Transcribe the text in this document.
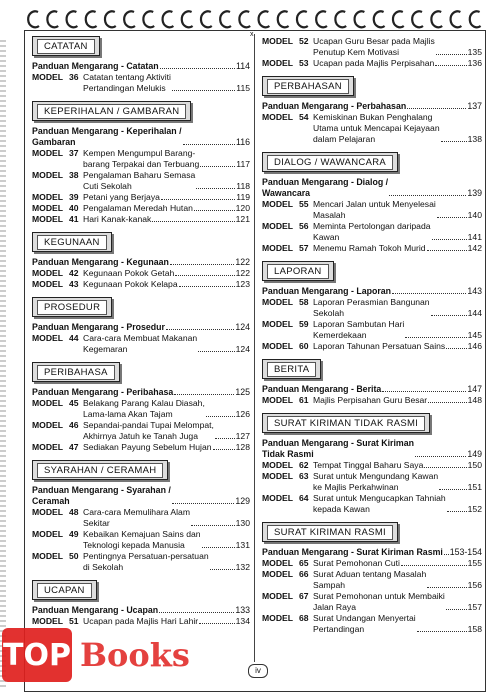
x
CATATAN
Panduan Mengarang - Catatan	114
MODEL 36 Catatan tentang Aktiviti
Pertandingan Melukis	115
KEPERIHALAN / GAMBARAN
Panduan Mengarang - Keperihalan /
Gambaran	116
MODEL 37 Kempen Mengumpul Barang-
barang Terpakai dan Terbuang	117
MODEL 38 Pengalaman Baharu Semasa
Cuti Sekolah	118
MODEL 39 Petani yang Berjaya	119
MODEL 40 Pengalaman Meredah Hutan	120
MODEL 41 Hari Kanak-kanak	121
KEGUNAAN
Panduan Mengarang - Kegunaan	122
MODEL 42 Kegunaan Pokok Getah	122
MODEL 43 Kegunaan Pokok Kelapa	123
PROSEDUR
Panduan Mengarang - Prosedur	124
MODEL 44 Cara-cara Membuat Makanan
Kegemaran	124
PERIBAHASA
Panduan Mengarang - Peribahasa	125
MODEL 45 Belakang Parang Kalau Diasah,
Lama-lama Akan Tajam	126
MODEL 46 Sepandai-pandai Tupai Melompat,
Akhirnya Jatuh ke Tanah Juga	127
MODEL 47 Sediakan Payung Sebelum Hujan	128
SYARAHAN / CERAMAH
Panduan Mengarang - Syarahan /
Ceramah	129
MODEL 48 Cara-cara Memulihara Alam
Sekitar	130
MODEL 49 Kebaikan Kemajuan Sains dan
Teknologi kepada Manusia	131
MODEL 50 Pentingnya Persatuan-persatuan
di Sekolah	132
UCAPAN
Panduan Mengarang - Ucapan	133
MODEL 51 Ucapan pada Majlis Hari Lahir	134
MODEL 52 Ucapan Guru Besar pada Majlis
Penutup Kem Motivasi	135
MODEL 53 Ucapan pada Majlis Perpisahan	136
PERBAHASAN
Panduan Mengarang - Perbahasan	137
MODEL 54 Kemiskinan Bukan Penghalang
Utama untuk Mencapai Kejayaan
dalam Pelajaran	138
DIALOG / WAWANCARA
Panduan Mengarang - Dialog /
Wawancara	139
MODEL 55 Mencari Jalan untuk Menyelesai
Masalah	140
MODEL 56 Meminta Pertolongan daripada
Kawan	141
MODEL 57 Menemu Ramah Tokoh Murid	142
LAPORAN
Panduan Mengarang - Laporan	143
MODEL 58 Laporan Perasmian Bangunan
Sekolah	144
MODEL 59 Laporan Sambutan Hari
Kemerdekaan	145
MODEL 60 Laporan Tahunan Persatuan Sains	146
BERITA
Panduan Mengarang - Berita	147
MODEL 61 Majlis Perpisahan Guru Besar	148
SURAT KIRIMAN TIDAK RASMI
Panduan Mengarang - Surat Kiriman
Tidak Rasmi	149
MODEL 62 Tempat Tinggal Baharu Saya	150
MODEL 63 Surat untuk Mengundang Kawan
ke Majlis Perkahwinan	151
MODEL 64 Surat untuk Mengucapkan Tahniah
kepada Kawan	152
SURAT KIRIMAN RASMI
Panduan Mengarang - Surat Kiriman Rasmi 153-154
MODEL 65 Surat Pemohonan Cuti	155
MODEL 66 Surat Aduan tentang Masalah
Sampah	156
MODEL 67 Surat Pemohonan untuk Membaiki
Jalan Raya	157
MODEL 68 Surat Undangan Menyertai
Pertandingan	158
TOP Books	iv
